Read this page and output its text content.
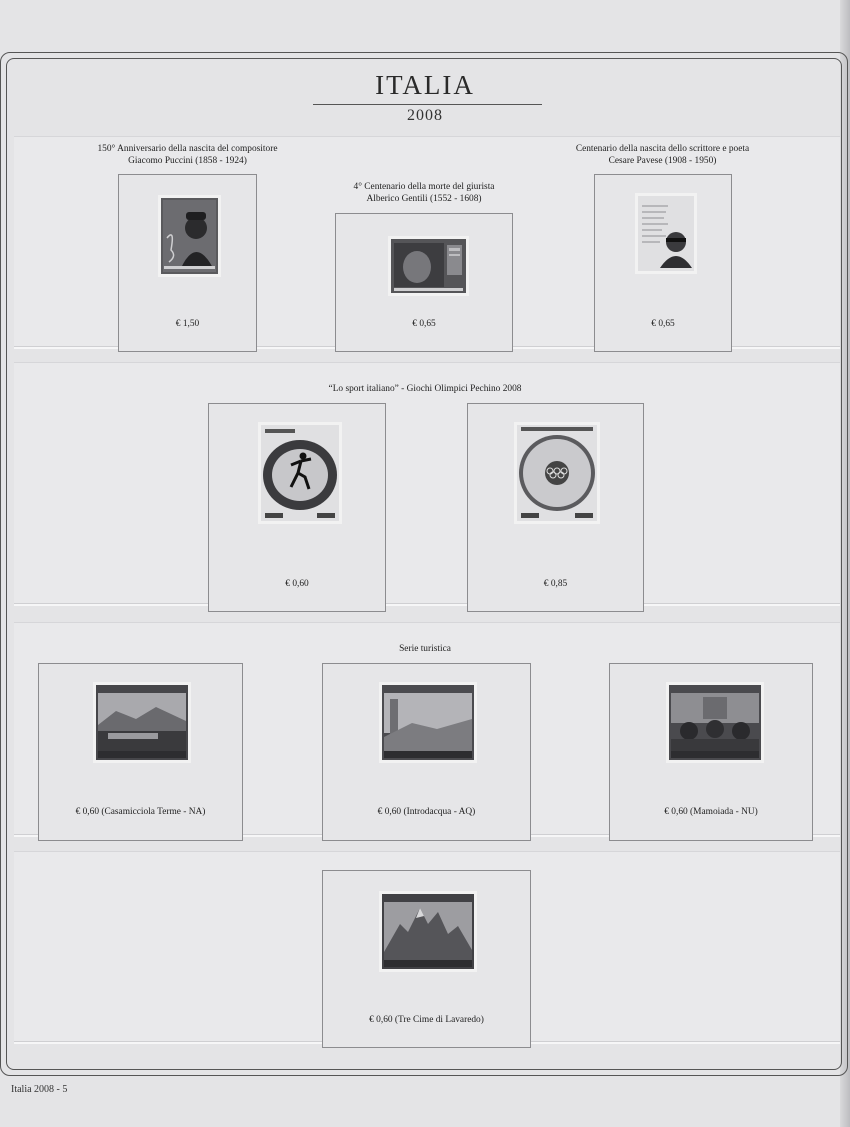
ITALIA
2008
150° Anniversario della nascita del compositore
Giacomo Puccini (1858 - 1924)
4° Centenario della morte del giurista
Alberico Gentili (1552 - 1608)
Centenario della nascita dello scrittore e poeta
Cesare Pavese (1908 - 1950)
€ 1,50	€ 0,65	€ 0,65
“Lo sport italiano” - Giochi Olimpici Pechino 2008
€ 0,60	€ 0,85
Serie turistica
€ 0,60 (Casamicciola Terme - NA)	€ 0,60 (Introdacqua - AQ)	€ 0,60 (Mamoiada - NU)
€ 0,60 (Tre Cime di Lavaredo)
Italia 2008 - 5
